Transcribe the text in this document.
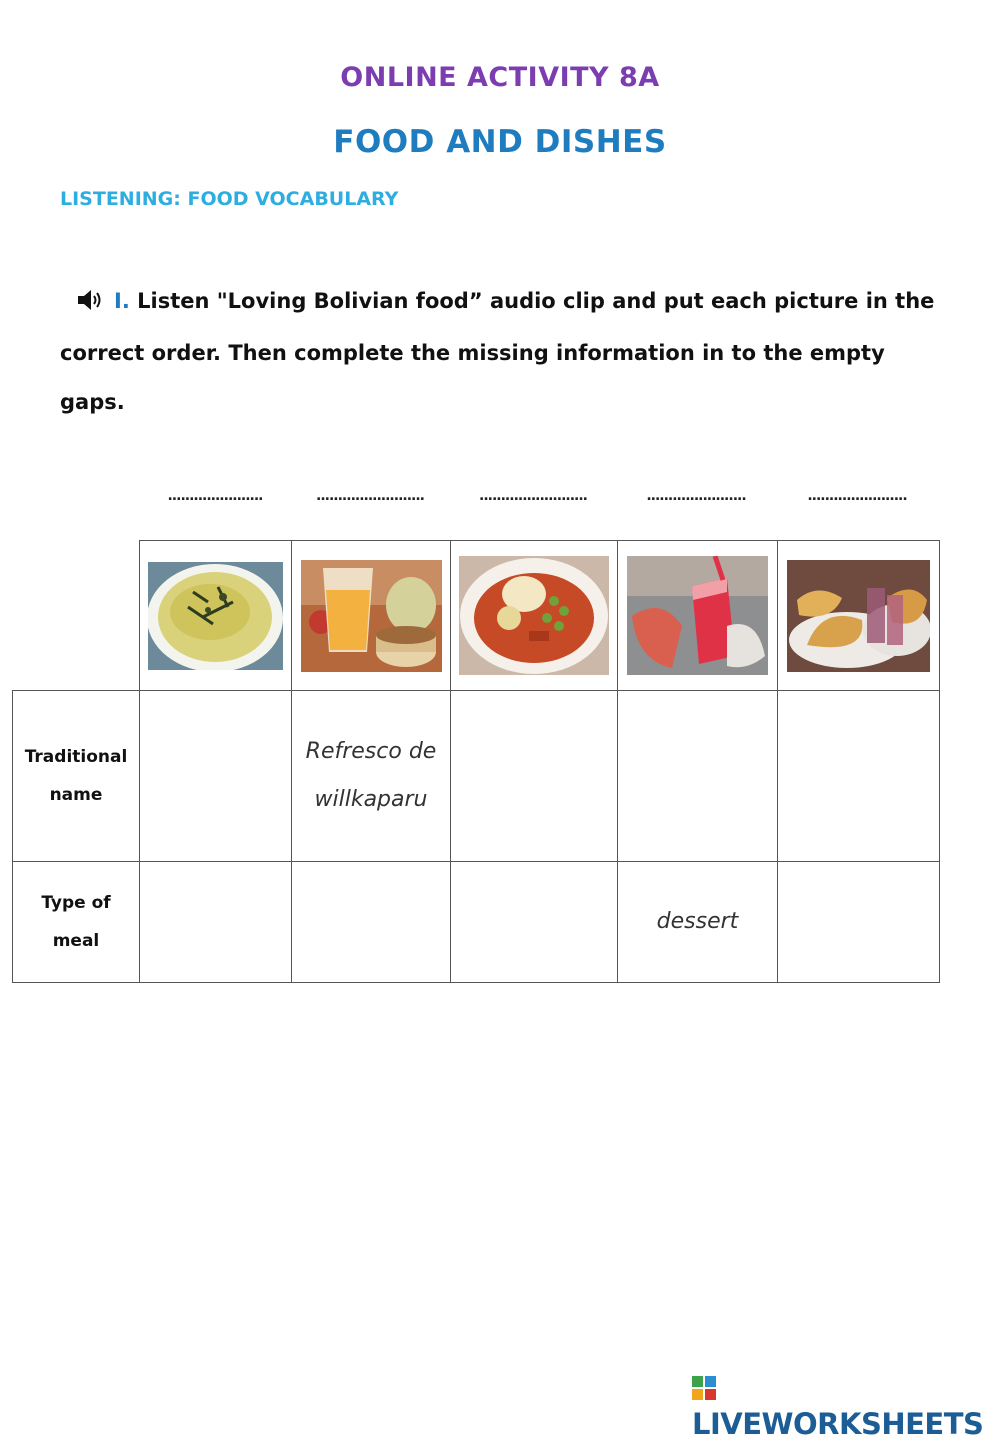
ONLINE ACTIVITY 8A
FOOD AND DISHES
LISTENING: FOOD VOCABULARY
I. Listen "Loving Bolivian food” audio clip and put each picture in the correct order. Then complete the missing information in to the empty gaps.
......................	.........................	.........................	.......................	.......................

Traditional
name		Refresco de willkaparu			

Type of
meal				dessert	
LIVEWORKSHEETS
